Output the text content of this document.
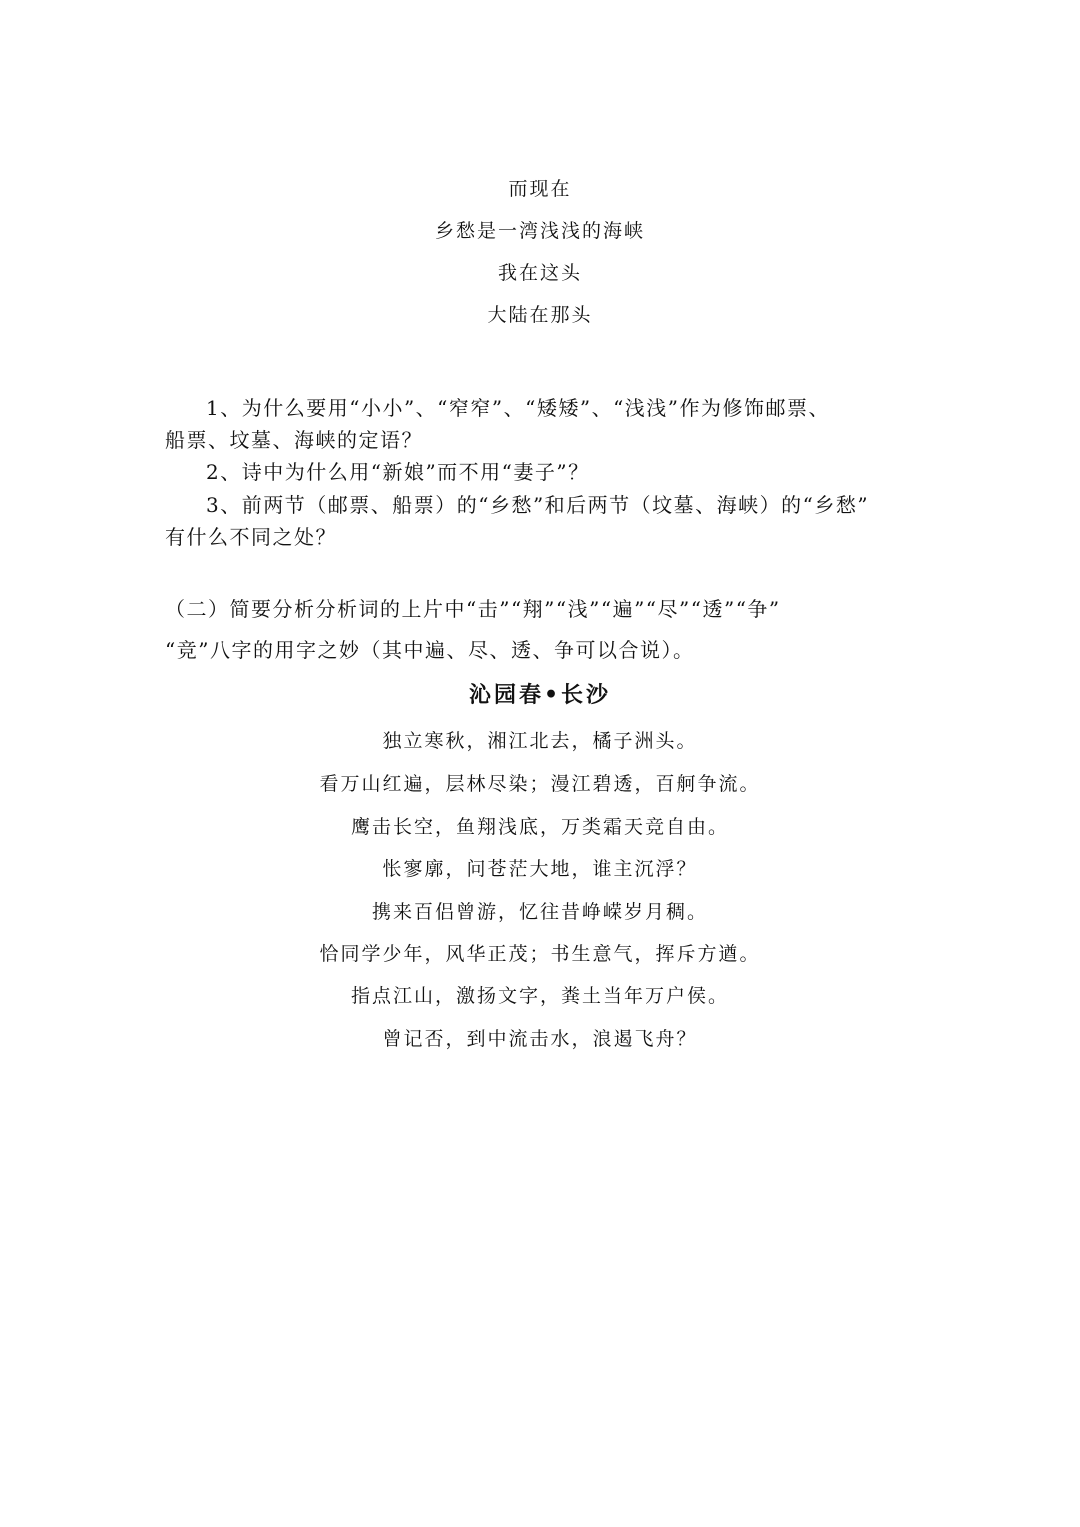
而现在
乡愁是一湾浅浅的海峡
我在这头
大陆在那头
1、为什么要用“小小”、“窄窄”、“矮矮”、“浅浅”作为修饰邮票、
船票、坟墓、海峡的定语？
2、诗中为什么用“新娘”而不用“妻子”？
3、前两节（邮票、船票）的“乡愁”和后两节（坟墓、海峡）的“乡愁”
有什么不同之处？
（二）简要分析分析词的上片中“击”“翔”“浅”“遍”“尽”“透”“争”
“竞”八字的用字之妙（其中遍、尽、透、争可以合说）。
沁园春•长沙
独立寒秋，湘江北去，橘子洲头。
看万山红遍，层林尽染；漫江碧透，百舸争流。
鹰击长空，鱼翔浅底，万类霜天竞自由。
怅寥廓，问苍茫大地，谁主沉浮？
携来百侣曾游，忆往昔峥嵘岁月稠。
恰同学少年，风华正茂；书生意气，挥斥方遒。
指点江山，激扬文字，粪土当年万户侯。
曾记否，到中流击水，浪遏飞舟？
